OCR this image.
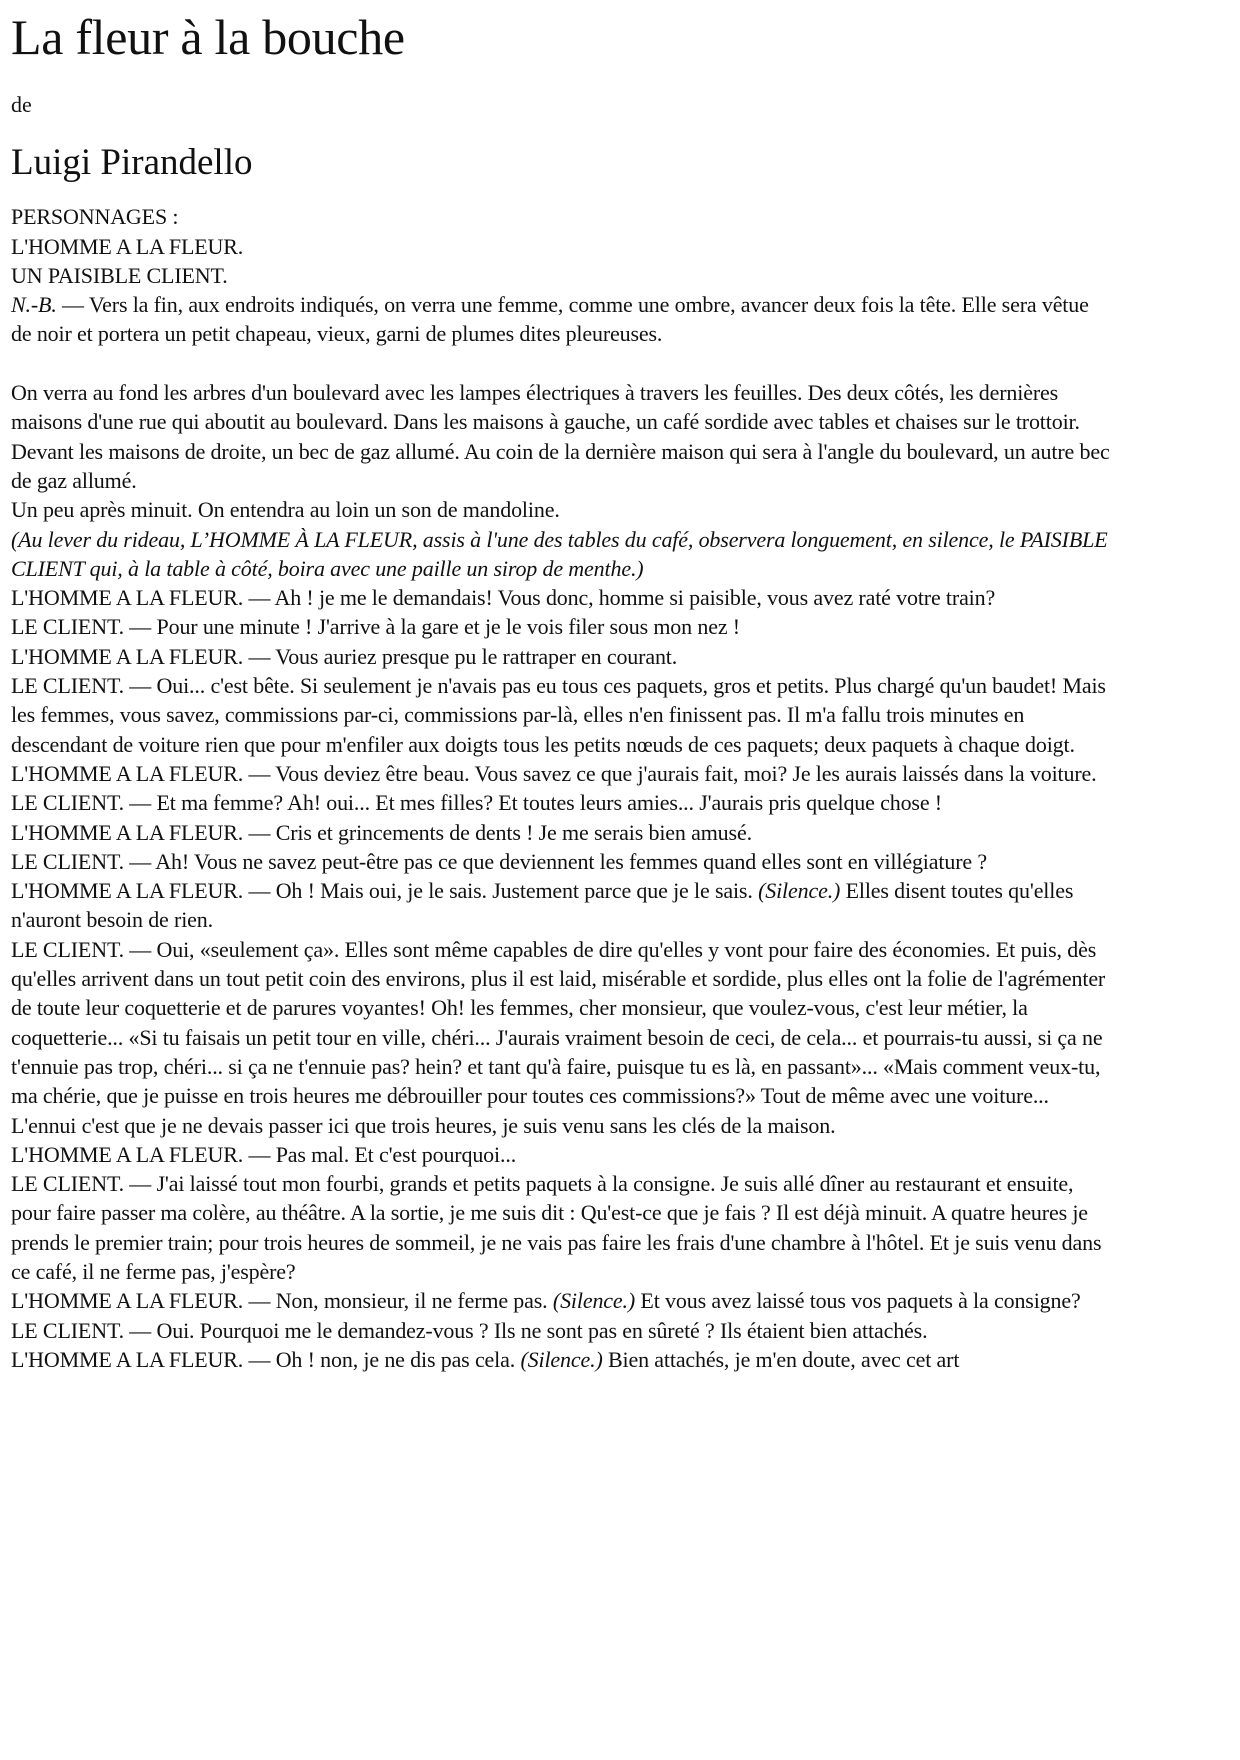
La fleur à la bouche

de

Luigi Pirandello

PERSONNAGES :

L'HOMME A LA FLEUR.

UN PAISIBLE CLIENT.

N.-B. — Vers la fin, aux endroits indiqués, on verra une femme, comme une ombre, avancer deux fois la tête. Elle sera vêtue de noir et portera un petit chapeau, vieux, garni de plumes dites pleureuses.

On verra au fond les arbres d'un boulevard avec les lampes électriques à travers les feuilles. Des deux côtés, les dernières maisons d'une rue qui aboutit au boulevard. Dans les maisons à gauche, un café sordide avec tables et chaises sur le trottoir. Devant les maisons de droite, un bec de gaz allumé. Au coin de la dernière maison qui sera à l'angle du boulevard, un autre bec de gaz allumé.

Un peu après minuit. On entendra au loin un son de mandoline.

(Au lever du rideau, L’HOMME À LA FLEUR, assis à l'une des tables du café, observera longuement, en silence, le PAISIBLE CLIENT qui, à la table à côté, boira avec une paille un sirop de menthe.)

L'HOMME A LA FLEUR. — Ah ! je me le demandais! Vous donc, homme si paisible, vous avez raté votre train?

LE CLIENT. — Pour une minute ! J'arrive à la gare et je le vois filer sous mon nez !

L'HOMME A LA FLEUR. — Vous auriez presque pu le rattraper en courant.

LE CLIENT. — Oui... c'est bête. Si seulement je n'avais pas eu tous ces paquets, gros et petits. Plus chargé qu'un baudet! Mais les femmes, vous savez, commissions par-ci, commissions par-là, elles n'en finissent pas. Il m'a fallu trois minutes en descendant de voiture rien que pour m'enfiler aux doigts tous les petits nœuds de ces paquets; deux paquets à chaque doigt.

L'HOMME A LA FLEUR. — Vous deviez être beau. Vous savez ce que j'aurais fait, moi? Je les aurais laissés dans la voiture.

LE CLIENT. — Et ma femme? Ah! oui... Et mes filles? Et toutes leurs amies... J'aurais pris quelque chose !

L'HOMME A LA FLEUR. — Cris et grincements de dents ! Je me serais bien amusé.

LE CLIENT. — Ah! Vous ne savez peut-être pas ce que deviennent les femmes quand elles sont en villégiature ?

L'HOMME A LA FLEUR. — Oh ! Mais oui, je le sais. Justement parce que je le sais. (Silence.) Elles disent toutes qu'elles n'auront besoin de rien.

LE CLIENT. — Oui, «seulement ça». Elles sont même capables de dire qu'elles y vont pour faire des économies. Et puis, dès qu'elles arrivent dans un tout petit coin des environs, plus il est laid, misérable et sordide, plus elles ont la folie de l'agrémenter de toute leur coquetterie et de parures voyantes! Oh! les femmes, cher monsieur, que voulez-vous, c'est leur métier, la coquetterie... «Si tu faisais un petit tour en ville, chéri... J'aurais vraiment besoin de ceci, de cela... et pourrais-tu aussi, si ça ne t'ennuie pas trop, chéri... si ça ne t'ennuie pas? hein? et tant qu'à faire, puisque tu es là, en passant»... «Mais comment veux-tu, ma chérie, que je puisse en trois heures me débrouiller pour toutes ces commissions?» Tout de même avec une voiture... L'ennui c'est que je ne devais passer ici que trois heures, je suis venu sans les clés de la maison.

L'HOMME A LA FLEUR. — Pas mal. Et c'est pourquoi...

LE CLIENT. — J'ai laissé tout mon fourbi, grands et petits paquets à la consigne. Je suis allé dîner au restaurant et ensuite, pour faire passer ma colère, au théâtre. A la sortie, je me suis dit : Qu'est-ce que je fais ? Il est déjà minuit. A quatre heures je prends le premier train; pour trois heures de sommeil, je ne vais pas faire les frais d'une chambre à l'hôtel. Et je suis venu dans ce café, il ne ferme pas, j'espère?

L'HOMME A LA FLEUR. — Non, monsieur, il ne ferme pas. (Silence.) Et vous avez laissé tous vos paquets à la consigne?

LE CLIENT. — Oui. Pourquoi me le demandez-vous ? Ils ne sont pas en sûreté ? Ils étaient bien attachés.

L'HOMME A LA FLEUR. — Oh ! non, je ne dis pas cela. (Silence.) Bien attachés, je m'en doute, avec cet art
